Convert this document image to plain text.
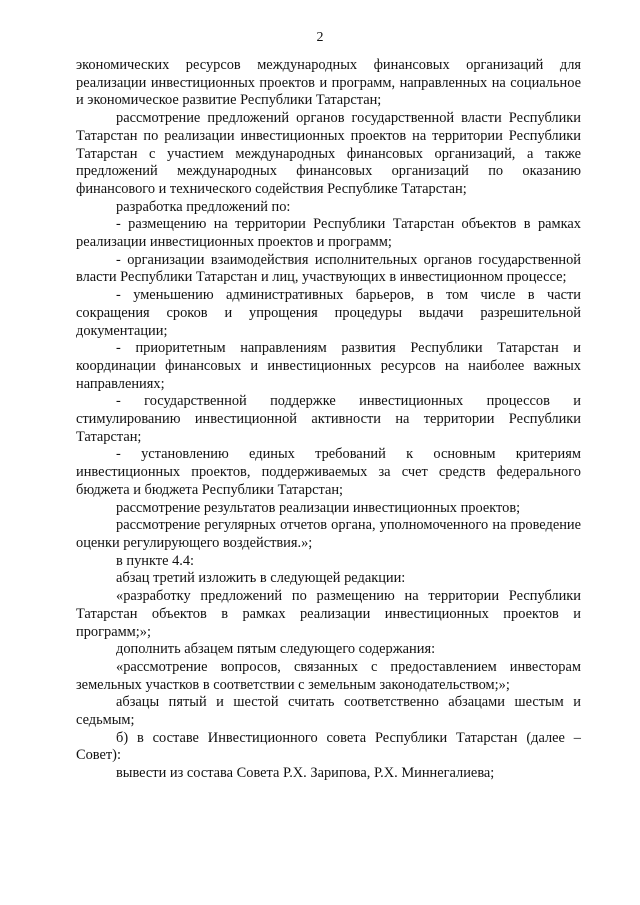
2

экономических ресурсов международных финансовых организаций для реализации инвестиционных проектов и программ, направленных на социальное и экономическое развитие Республики Татарстан;

рассмотрение предложений органов государственной власти Республики Татарстан по реализации инвестиционных проектов на территории Республики Татарстан с участием международных финансовых организаций, а также предложений международных финансовых организаций по оказанию финансового и технического содействия Республике Татарстан;

разработка предложений по:

- размещению на территории Республики Татарстан объектов в рамках реализации инвестиционных проектов и программ;

- организации взаимодействия исполнительных органов государственной власти Республики Татарстан и лиц, участвующих в инвестиционном процессе;

- уменьшению административных барьеров, в том числе в части сокращения сроков и упрощения процедуры выдачи разрешительной документации;

- приоритетным направлениям развития Республики Татарстан и координации финансовых и инвестиционных ресурсов на наиболее важных направлениях;

- государственной поддержке инвестиционных процессов и стимулированию инвестиционной активности на территории Республики Татарстан;

- установлению единых требований к основным критериям инвестиционных проектов, поддерживаемых за счет средств федерального бюджета и бюджета Республики Татарстан;

рассмотрение результатов реализации инвестиционных проектов;

рассмотрение регулярных отчетов органа, уполномоченного на проведение оценки регулирующего воздействия.»;

в пункте 4.4:

абзац третий изложить в следующей редакции:

«разработку предложений по размещению на территории Республики Татарстан объектов в рамках реализации инвестиционных проектов и программ;»;

дополнить абзацем пятым следующего содержания:

«рассмотрение вопросов, связанных с предоставлением инвесторам земельных участков в соответствии с земельным законодательством;»;

абзацы пятый и шестой считать соответственно абзацами шестым и седьмым;

б) в составе Инвестиционного совета Республики Татарстан (далее – Совет):

вывести из состава Совета Р.Х. Зарипова, Р.Х. Миннегалиева;
